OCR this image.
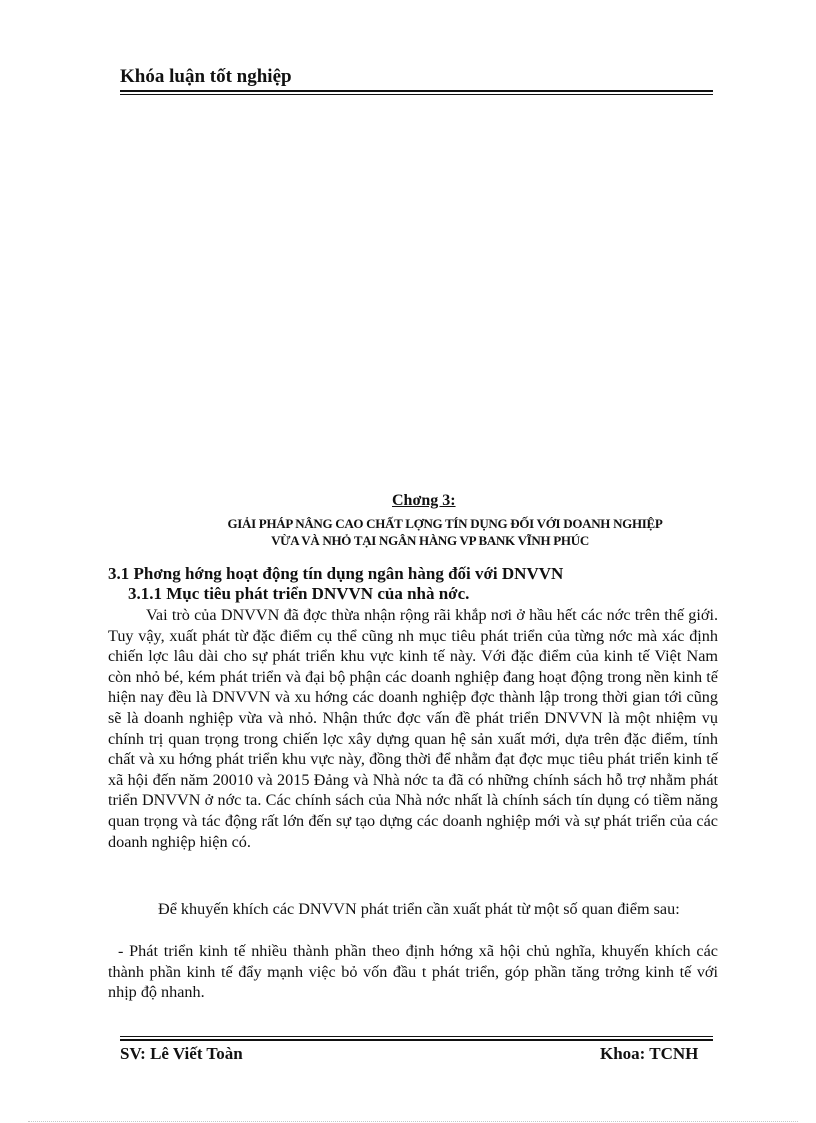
Khóa luận tốt nghiệp
Chơng 3:
GIẢI PHÁP NÂNG CAO CHẤT LỢNG TÍN DỤNG ĐỐI VỚI DOANH NGHIỆP
VỪA VÀ NHỎ TẠI NGÂN HÀNG VP BANK VĨNH PHÚC
3.1 Phơng hớng hoạt động tín dụng ngân hàng đối với DNVVN
3.1.1 Mục tiêu phát triển DNVVN của nhà nớc.
Vai trò của DNVVN đã đợc thừa nhận rộng rãi khắp nơi ở hầu hết các nớc trên thế giới. Tuy vậy, xuất phát từ đặc điểm cụ thể cũng nh mục tiêu phát triển của từng nớc mà xác định chiến lợc lâu dài cho sự phát triển khu vực kinh tế này. Với đặc điểm của kinh tế Việt Nam còn nhỏ bé, kém phát triển và đại bộ phận các doanh nghiệp đang hoạt động trong nền kinh tế hiện nay đều là DNVVN và xu hớng các doanh nghiệp đợc thành lập trong thời gian tới cũng sẽ là doanh nghiệp vừa và nhỏ. Nhận thức đợc vấn đề phát triển DNVVN là một nhiệm vụ chính trị quan trọng trong chiến lợc xây dựng quan hệ sản xuất mới, dựa trên đặc điểm, tính chất và xu hớng phát triển khu vực này, đồng thời để nhằm đạt đợc mục tiêu phát triển kinh tế xã hội đến năm 20010 và 2015 Đảng và Nhà nớc ta đã có những chính sách hỗ trợ nhằm phát triển DNVVN ở nớc ta. Các chính sách của Nhà nớc nhất là chính sách tín dụng có tiềm năng quan trọng và tác động rất lớn đến sự tạo dựng các doanh nghiệp mới và sự phát triển của các doanh nghiệp hiện có.
Để khuyến khích các DNVVN phát triển cần xuất phát từ một số quan điểm sau:
- Phát triển kinh tế nhiều thành phần theo định hớng xã hội chủ nghĩa, khuyến khích các thành phần kinh tế đẩy mạnh việc bỏ vốn đầu t phát triển, góp phần tăng trởng kinh tế với nhịp độ nhanh.
SV: Lê Viết Toàn	Khoa: TCNH
